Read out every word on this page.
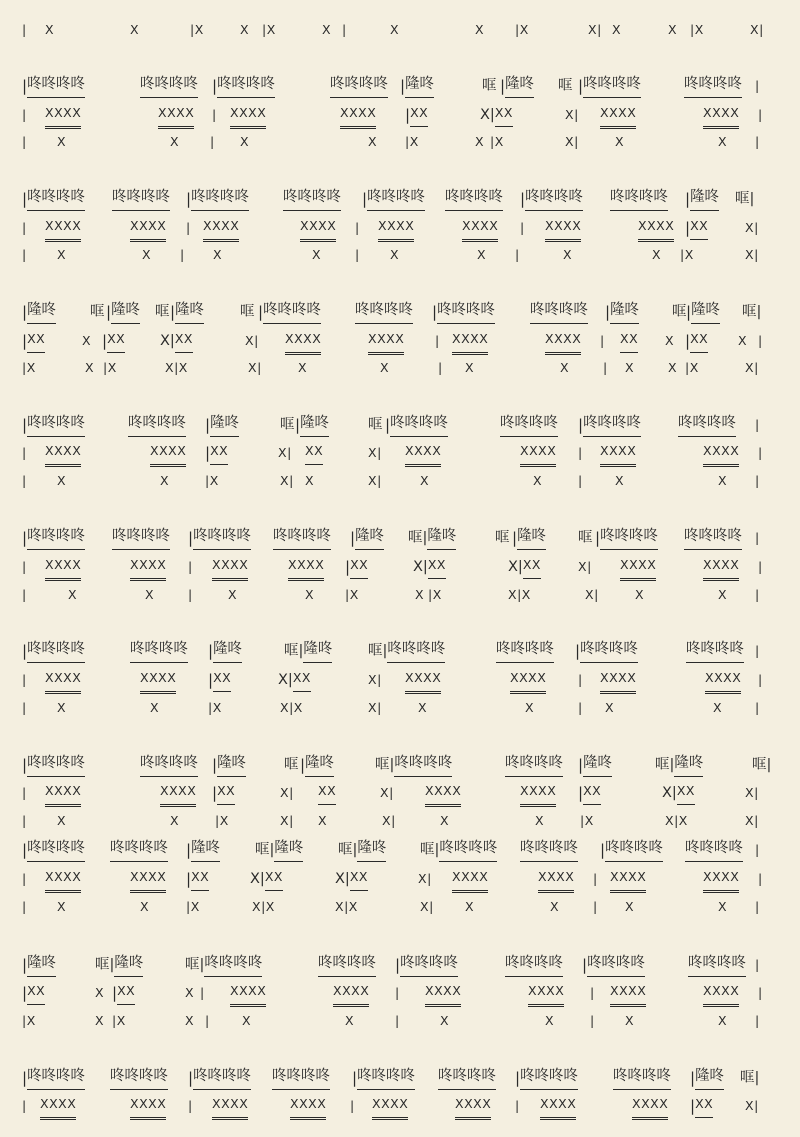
| X	X	|X	X |X	X |	X	X |X	X| X	X |X	X|
|咚咚咚咚	咚咚咚咚 |咚咚咚咚	咚咚咚咚 |隆咚	哐 |隆咚 哐 |咚咚咚咚	咚咚咚咚 |
| XXXX	XXXX | XXXX	XXXX |XX	X|XX	X| XXXX	XXXX |
| X	X | X	X |X	X |X	X|	X	X |
|咚咚咚咚 咚咚咚咚 |咚咚咚咚 咚咚咚咚 |咚咚咚咚 咚咚咚咚 |咚咚咚咚 咚咚咚咚 |隆咚 哐|
| XXXX	XXXX | XXXX	XXXX | XXXX	XXXX | XXXX	XXXX |XX	X|
| X	X | X	X	| X	X |	X	X |X	X|
|隆咚 哐 |隆咚 哐 |隆咚 哐 |咚咚咚咚 咚咚咚咚 |咚咚咚咚 咚咚咚咚 |隆咚 哐 |隆咚 哐|
|XX	X |XX X|XX	X| XXXX	XXXX | XXXX	XXXX | XX X |XX X |
|X	X |X	X|X	X|	X	X	| X	X	| X	X |X	X|
|咚咚咚咚	咚咚咚咚 |隆咚	哐 |隆咚	哐 |咚咚咚咚	咚咚咚咚 |咚咚咚咚	咚咚咚咚 |
| XXXX	XXXX |XX	X| XX	X| XXXX	XXXX | XXXX	XXXX |
| X	X	|X	X| X	X|	X	X	|	X	X |
|咚咚咚咚 咚咚咚咚 |咚咚咚咚 咚咚咚咚 |隆咚 哐|隆咚	哐 |隆咚 哐 |咚咚咚咚 咚咚咚咚 |
| XXXX	XXXX | XXXX	XXXX |XX	X|XX	X|XX	X| XXXX	XXXX |
|	X	X	|	X	X |X	X |X	X|X	X|	X	X |
|咚咚咚咚	咚咚咚咚 |隆咚	哐|隆咚 哐|咚咚咚咚	咚咚咚咚 |咚咚咚咚	咚咚咚咚 |
| XXXX	XXXX |XX	X|XX	X| XXXX	XXXX	| XXXX	XXXX |
| X	X	|X	X|X	X|	X	X	| X	X	|
|咚咚咚咚	咚咚咚咚 |隆咚	哐 |隆咚	哐|咚咚咚咚	咚咚咚咚 |隆咚	哐|隆咚	哐|
| XXXX	XXXX |XX	X| XX	X| XXXX	XXXX |XX	X|XX	X|
| X	X	|X	X| X	X|	X	X	|X	X|X	X|
|咚咚咚咚 咚咚咚咚 |隆咚 哐|隆咚 哐|隆咚 哐|咚咚咚咚 咚咚咚咚 |咚咚咚咚 咚咚咚咚 |
| XXXX	XXXX |XX	X|XX	X|XX	X| XXXX	XXXX | XXXX	XXXX |
| X	X	|X	X|X	X|X	X| X	X	| X	X |
|隆咚	哐|隆咚	哐|咚咚咚咚	咚咚咚咚 |咚咚咚咚	咚咚咚咚 |咚咚咚咚	咚咚咚咚 |
|XX	X |XX	X | XXXX	XXXX | XXXX	XXXX | XXXX	XXXX |
|X	X |X	X |	X	X	|	X	X	| X	X |
|咚咚咚咚 咚咚咚咚 |咚咚咚咚 咚咚咚咚 |咚咚咚咚 咚咚咚咚 |咚咚咚咚 咚咚咚咚 |隆咚 哐|
| XXXX	XXXX | XXXX	XXXX | XXXX	XXXX | XXXX	XXXX |XX	X|
